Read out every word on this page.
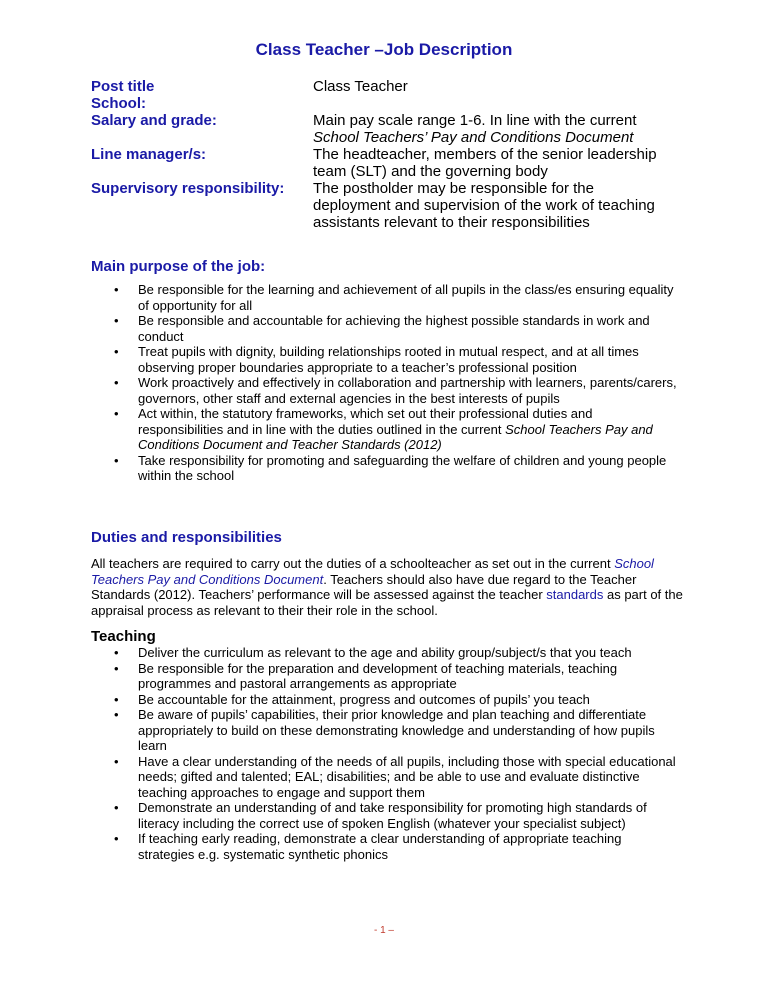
Class Teacher –Job Description
Post title	Class Teacher
School:
Salary and grade:	Main pay scale range 1-6. In line with the current
School Teachers’ Pay and Conditions Document
Line manager/s:	The headteacher, members of the senior leadership team (SLT) and the governing body
Supervisory responsibility:	The postholder may be responsible for the deployment and supervision of the work of teaching assistants relevant to their responsibilities
Main purpose of the job:
• Be responsible for the learning and achievement of all pupils in the class/es ensuring equality of opportunity for all
• Be responsible and accountable for achieving the highest possible standards in work and conduct
• Treat pupils with dignity, building relationships rooted in mutual respect, and at all times observing proper boundaries appropriate to a teacher’s professional position
• Work proactively and effectively in collaboration and partnership with learners, parents/carers, governors, other staff and external agencies in the best interests of pupils
• Act within, the statutory frameworks, which set out their professional duties and responsibilities and in line with the duties outlined in the current School Teachers Pay and Conditions Document and Teacher Standards (2012)
• Take responsibility for promoting and safeguarding the welfare of children and young people within the school
Duties and responsibilities
All teachers are required to carry out the duties of a schoolteacher as set out in the current School Teachers Pay and Conditions Document. Teachers should also have due regard to the Teacher Standards (2012). Teachers’ performance will be assessed against the teacher standards as part of the appraisal process as relevant to their their role in the school.
Teaching
• Deliver the curriculum as relevant to the age and ability group/subject/s that you teach
• Be responsible for the preparation and development of teaching materials, teaching programmes and pastoral arrangements as appropriate
• Be accountable for the attainment, progress and outcomes of pupils’ you teach
• Be aware of pupils’ capabilities, their prior knowledge and plan teaching and differentiate appropriately to build on these demonstrating knowledge and understanding of how pupils learn
• Have a clear understanding of the needs of all pupils, including those with special educational needs; gifted and talented; EAL; disabilities; and be able to use and evaluate distinctive teaching approaches to engage and support them
• Demonstrate an understanding of and take responsibility for promoting high standards of literacy including the correct use of spoken English (whatever your specialist subject)
• If teaching early reading, demonstrate a clear understanding of appropriate teaching strategies e.g. systematic synthetic phonics
- 1 –
